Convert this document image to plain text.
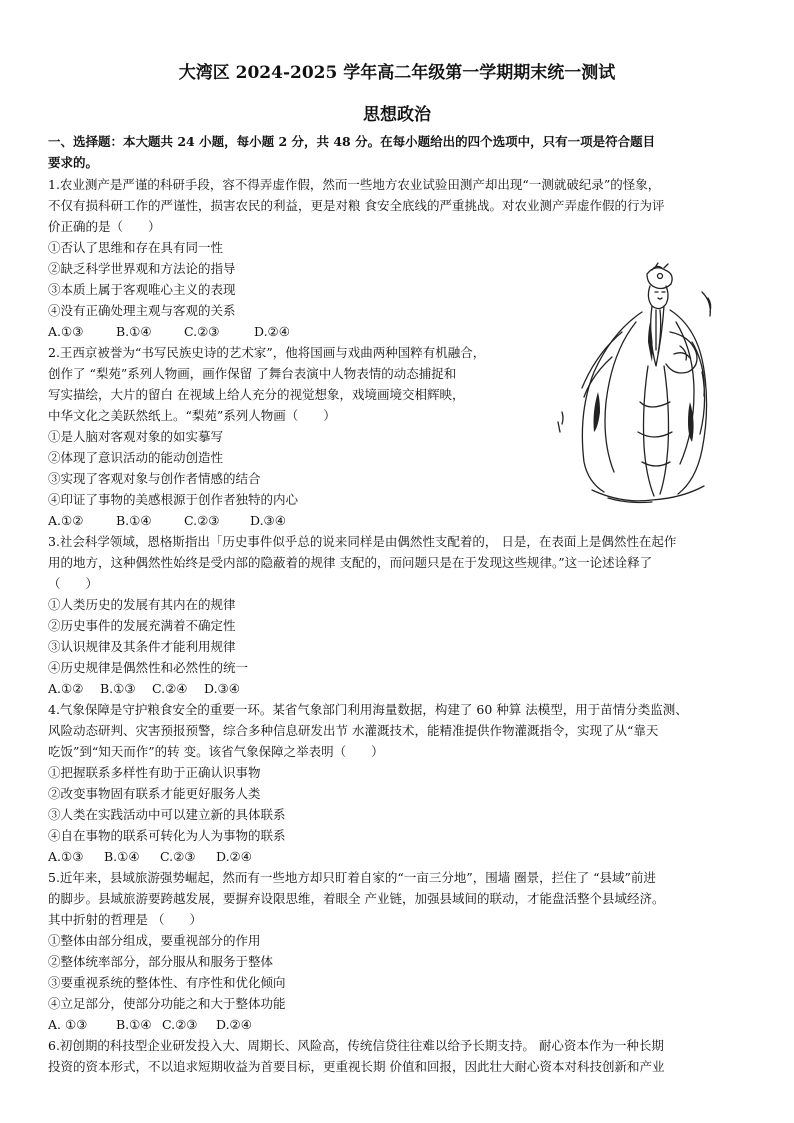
大湾区 2024-2025 学年高二年级第一学期期末统一测试
思想政治
一、选择题：本大题共 24 小题，每小题 2 分，共 48 分。在每小题给出的四个选项中，只有一项是符合题目
要求的。
1.农业测产是严谨的科研手段，容不得弄虚作假，然而一些地方农业试验田测产却出现“一测就破纪录”的怪象，
不仅有损科研工作的严谨性，损害农民的利益，更是对粮 食安全底线的严重挑战。对农业测产弄虚作假的行为评
价正确的是（　　）
①否认了思维和存在具有同一性
②缺乏科学世界观和方法论的指导
③本质上属于客观唯心主义的表现
④没有正确处理主观与客观的关系
A.①③	B.①④	C.②③	D.②④
2.王西京被誉为“书写民族史诗的艺术家”，他将国画与戏曲两种国粹有机融合，
创作了 “梨苑”系列人物画，画作保留 了舞台表演中人物表情的动态捕捉和
写实描绘，大片的留白 在视域上给人充分的视觉想象，戏境画境交相辉映，
中华文化之美跃然纸上。“梨苑”系列人物画（　　）
①是人脑对客观对象的如实摹写
②体现了意识活动的能动创造性
③实现了客观对象与创作者情感的结合
④印证了事物的美感根源于创作者独特的内心
A.①②	B.①④	C.②③ D.③④
3.社会科学领域，恩格斯指出「历史事件似乎总的说来同样是由偶然性支配着的， 日是，在表面上是偶然性在起作
用的地方，这种偶然性始终是受内部的隐蔽着的规律 支配的，而问题只是在于发现这些规律。”这一论述诠释了
（　　）
①人类历史的发展有其内在的规律
②历史事件的发展充满着不确定性
③认识规律及其条件才能利用规律
④历史规律是偶然性和必然性的统一
A.①② B.①③ C.②④ D.③④
4.气象保障是守护粮食安全的重要一环。某省气象部门利用海量数据，构建了 60 种算 法模型，用于苗情分类监测、
风险动态研判、灾害预报预警，综合多种信息研发出节 水灌溉技术，能精准提供作物灌溉指令，实现了从“靠天
吃饭”到“知天而作”的转 变。该省气象保障之举表明（　　）
①把握联系多样性有助于正确认识事物
②改变事物固有联系才能更好服务人类
③人类在实践活动中可以建立新的具体联系
④自在事物的联系可转化为人为事物的联系
A.①③ B.①④ C.②③ D.②④
5.近年来，县域旅游强势崛起，然而有一些地方却只盯着自家的“一亩三分地”，围墙 圈景，拦住了 “县域”前进
的脚步。县域旅游要跨越发展，要摒弃设限思维，着眼全 产业链，加强县域间的联动，才能盘活整个县域经济。
其中折射的哲理是 （　　）
①整体由部分组成，要重视部分的作用
②整体统率部分，部分服从和服务于整体
③要重视系统的整体性、有序性和优化倾向
④立足部分，使部分功能之和大于整体功能
A. ①③ B.①④ C.②③ D.②④
6.初创期的科技型企业研发投入大、周期长、风险高，传统信贷往往难以给予长期支持。 耐心资本作为一种长期
投资的资本形式，不以追求短期收益为首要目标，更重视长期 价值和回报，因此壮大耐心资本对科技创新和产业
